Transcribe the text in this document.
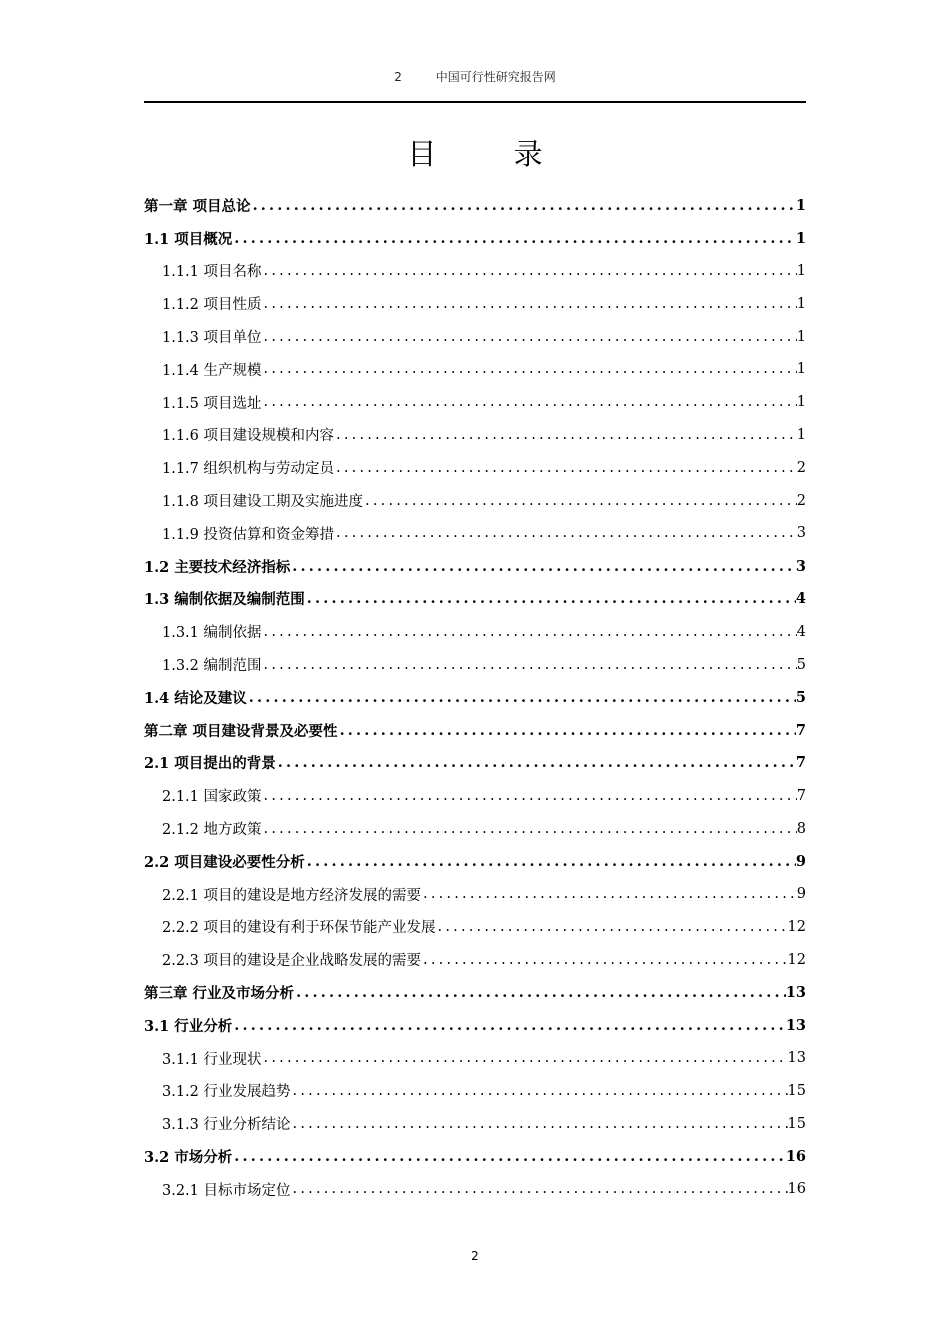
2	中国可行性研究报告网
目 录
第一章 项目总论 .....	1
1.1 项目概况 .....	1
1.1.1 项目名称 .....	1
1.1.2 项目性质 .....	1
1.1.3 项目单位 .....	1
1.1.4 生产规模 .....	1
1.1.5 项目选址 .....	1
1.1.6 项目建设规模和内容 .....	1
1.1.7 组织机构与劳动定员 .....	2
1.1.8 项目建设工期及实施进度 .....	2
1.1.9 投资估算和资金筹措 .....	3
1.2 主要技术经济指标 .....	3
1.3 编制依据及编制范围 .....	4
1.3.1 编制依据 .....	4
1.3.2 编制范围 .....	5
1.4 结论及建议 .....	5
第二章 项目建设背景及必要性 .....	7
2.1 项目提出的背景 .....	7
2.1.1 国家政策 .....	7
2.1.2 地方政策 .....	8
2.2 项目建设必要性分析 .....	9
2.2.1 项目的建设是地方经济发展的需要 .....	9
2.2.2 项目的建设有利于环保节能产业发展 .....	12
2.2.3 项目的建设是企业战略发展的需要 .....	12
第三章 行业及市场分析 .....	13
3.1 行业分析 .....	13
3.1.1 行业现状 .....	13
3.1.2 行业发展趋势 .....	15
3.1.3 行业分析结论 .....	15
3.2 市场分析 .....	16
3.2.1 目标市场定位 .....	16
2
